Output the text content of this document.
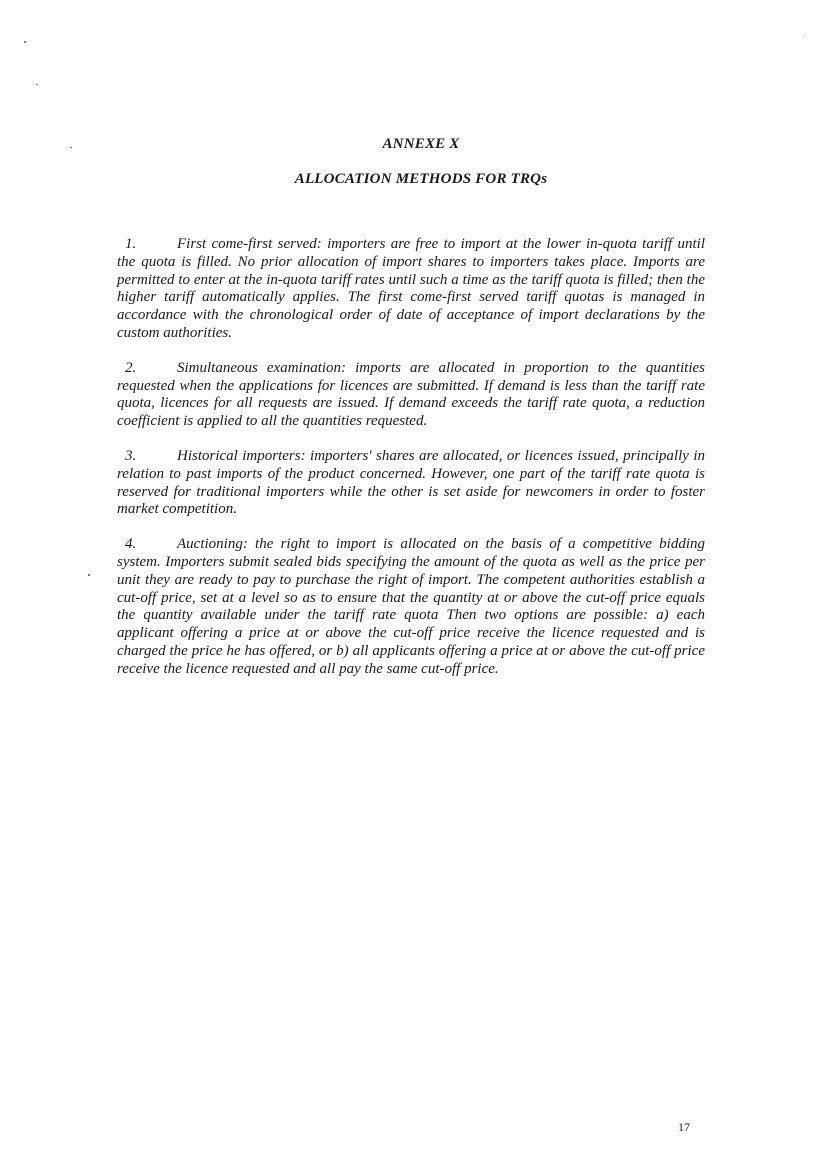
ANNEXE X
ALLOCATION METHODS FOR TRQs

1.	First come-first served: importers are free to import at the lower in-quota tariff until the quota is filled. No prior allocation of import shares to importers takes place. Imports are permitted to enter at the in-quota tariff rates until such a time as the tariff quota is filled; then the higher tariff automatically applies. The first come-first served tariff quotas is managed in accordance with the chronological order of date of acceptance of import declarations by the custom authorities.

2.	Simultaneous examination: imports are allocated in proportion to the quantities requested when the applications for licences are submitted. If demand is less than the tariff rate quota, licences for all requests are issued. If demand exceeds the tariff rate quota, a reduction coefficient is applied to all the quantities requested.

3.	Historical importers: importers' shares are allocated, or licences issued, principally in relation to past imports of the product concerned. However, one part of the tariff rate quota is reserved for traditional importers while the other is set aside for newcomers in order to foster market competition.

4.	Auctioning: the right to import is allocated on the basis of a competitive bidding system. Importers submit sealed bids specifying the amount of the quota as well as the price per unit they are ready to pay to purchase the right of import. The competent authorities establish a cut-off price, set at a level so as to ensure that the quantity at or above the cut-off price equals the quantity available under the tariff rate quota Then two options are possible: a) each applicant offering a price at or above the cut-off price receive the licence requested and is charged the price he has offered, or b) all applicants offering a price at or above the cut-off price receive the licence requested and all pay the same cut-off price.

17
